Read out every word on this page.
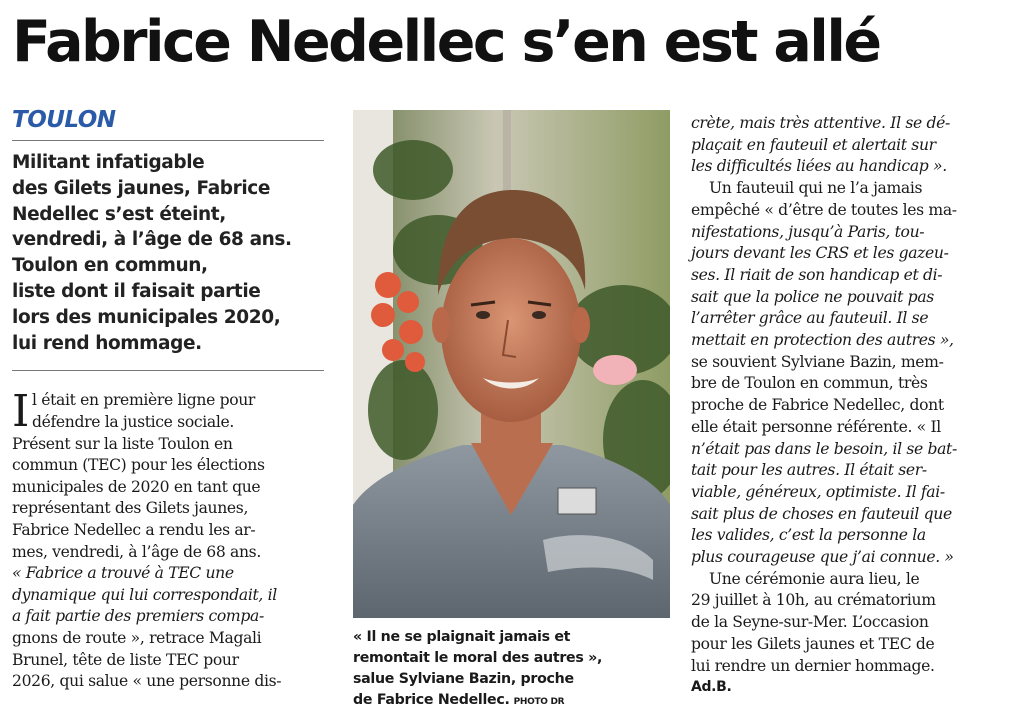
Fabrice Nedellec s’en est allé
TOULON
Militant infatigable
des Gilets jaunes, Fabrice
Nedellec s’est éteint,
vendredi, à l’âge de 68 ans.
Toulon en commun,
liste dont il faisait partie
lors des municipales 2020,
lui rend hommage.
I l était en première ligne pour
défendre la justice sociale.
Présent sur la liste Toulon en
commun (TEC) pour les élections
municipales de 2020 en tant que
représentant des Gilets jaunes,
Fabrice Nedellec a rendu les ar-
mes, vendredi, à l’âge de 68 ans.
« Fabrice a trouvé à TEC une
dynamique qui lui correspondait, il
a fait partie des premiers compa-
gnons de route », retrace Magali
Brunel, tête de liste TEC pour
2026, qui salue « une personne dis-
« Il ne se plaignait jamais et
remontait le moral des autres »,
salue Sylviane Bazin, proche
de Fabrice Nedellec. PHOTO DR
crète, mais très attentive. Il se dé-
plaçait en fauteuil et alertait sur
les difficultés liées au handicap ».
Un fauteuil qui ne l’a jamais
empêché « d’être de toutes les ma-
nifestations, jusqu’à Paris, tou-
jours devant les CRS et les gazeu-
ses. Il riait de son handicap et di-
sait que la police ne pouvait pas
l’arrêter grâce au fauteuil. Il se
mettait en protection des autres »,
se souvient Sylviane Bazin, mem-
bre de Toulon en commun, très
proche de Fabrice Nedellec, dont
elle était personne référente. « Il
n’était pas dans le besoin, il se bat-
tait pour les autres. Il était ser-
viable, généreux, optimiste. Il fai-
sait plus de choses en fauteuil que
les valides, c’est la personne la
plus courageuse que j’ai connue. »
Une cérémonie aura lieu, le
29 juillet à 10h, au crématorium
de la Seyne-sur-Mer. L’occasion
pour les Gilets jaunes et TEC de
lui rendre un dernier hommage.
Ad.B.
